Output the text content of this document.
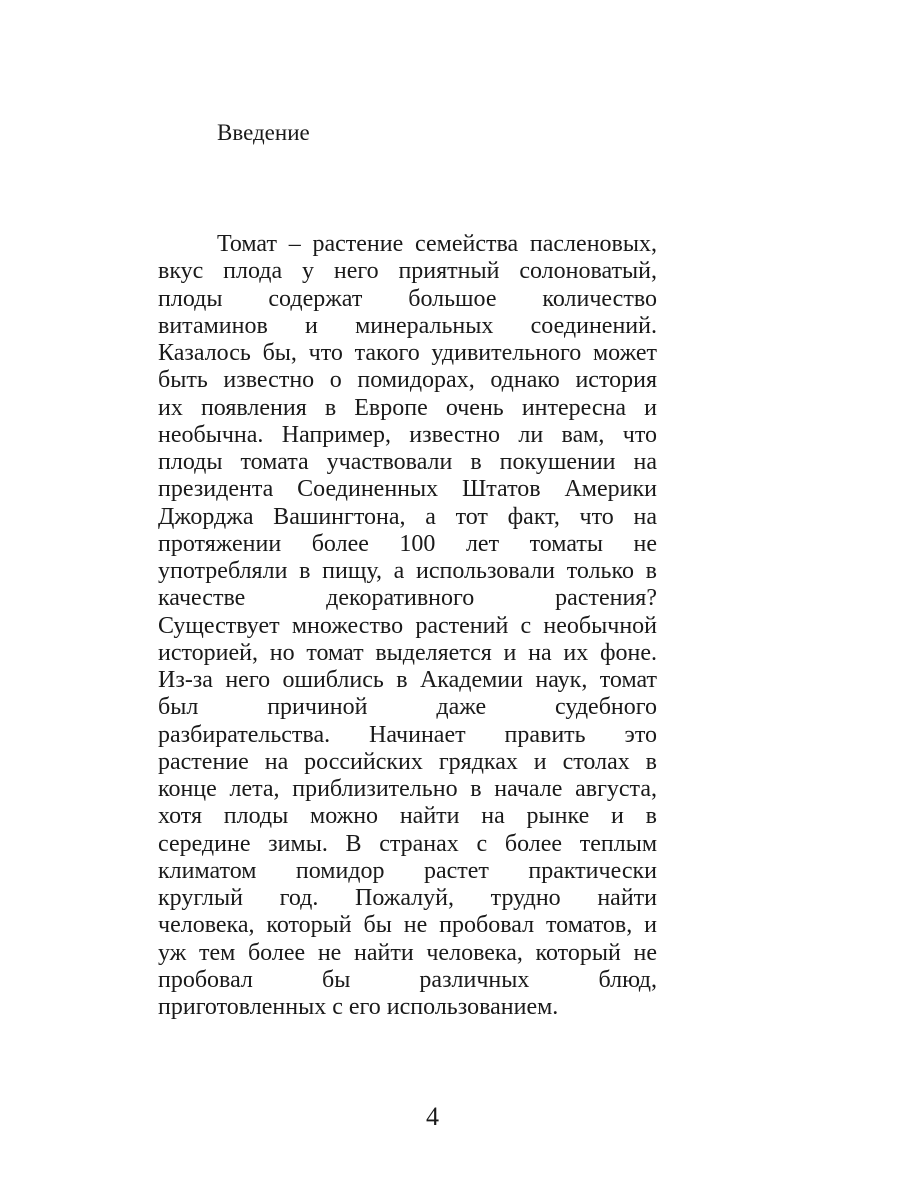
Введение
Томат – растение семейства пасленовых,
вкус плода у него приятный солоноватый,
плоды содержат большое количество
витаминов и минеральных соединений.
Казалось бы, что такого удивительного может
быть известно о помидорах, однако история
их появления в Европе очень интересна и
необычна. Например, известно ли вам, что
плоды томата участвовали в покушении на
президента Соединенных Штатов Америки
Джорджа Вашингтона, а тот факт, что на
протяжении более 100 лет томаты не
употребляли в пищу, а использовали только в
качестве декоративного растения?
Существует множество растений с необычной
историей, но томат выделяется и на их фоне.
Из-за него ошиблись в Академии наук, томат
был причиной даже судебного
разбирательства. Начинает править это
растение на российских грядках и столах в
конце лета, приблизительно в начале августа,
хотя плоды можно найти на рынке и в
середине зимы. В странах с более теплым
климатом помидор растет практически
круглый год. Пожалуй, трудно найти
человека, который бы не пробовал томатов, и
уж тем более не найти человека, который не
пробовал бы различных блюд,
приготовленных с его использованием.
4
